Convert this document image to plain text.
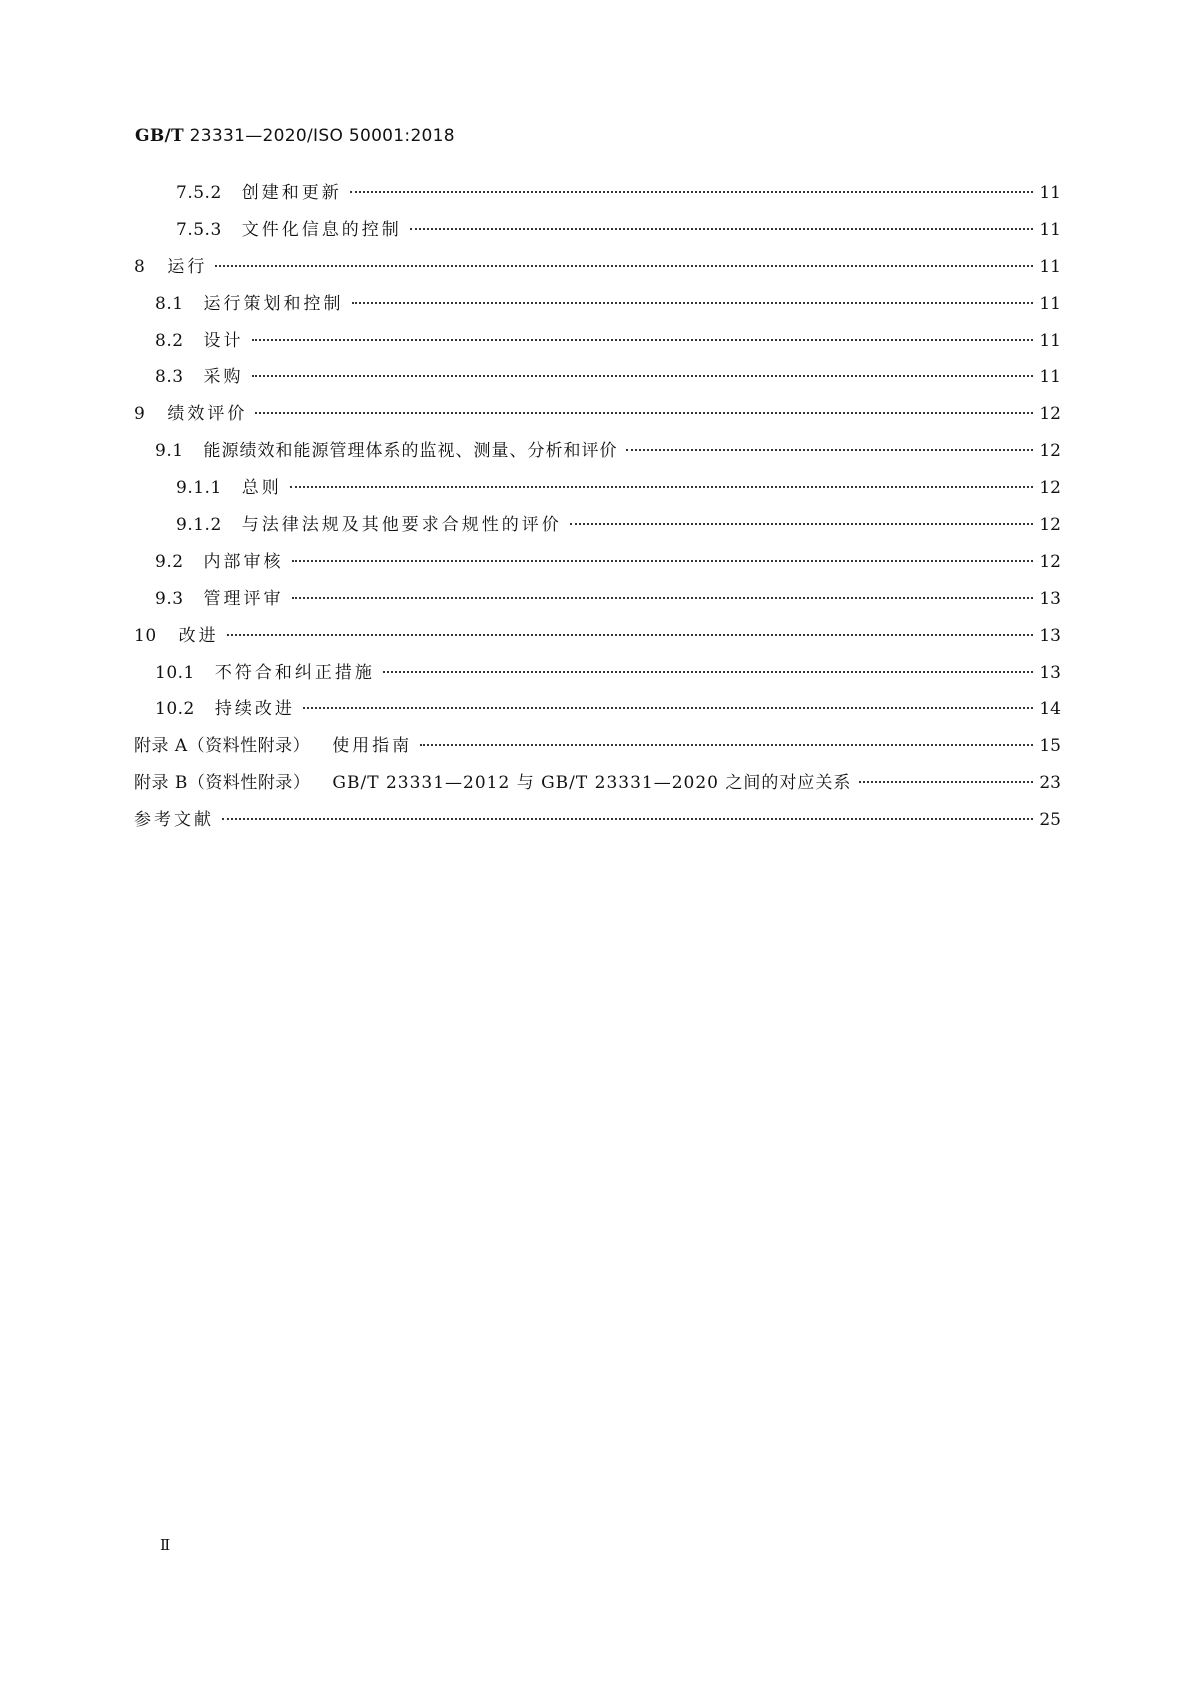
GB/T 23331—2020/ISO 50001:2018
7.5.2 创建和更新	11
7.5.3 文件化信息的控制	11
8 运行	11
8.1 运行策划和控制	11
8.2 设计	11
8.3 采购	11
9 绩效评价	12
9.1 能源绩效和能源管理体系的监视、测量、分析和评价	12
9.1.1 总则	12
9.1.2 与法律法规及其他要求合规性的评价	12
9.2 内部审核	12
9.3 管理评审	13
10 改进	13
10.1 不符合和纠正措施	13
10.2 持续改进	14
附录 A（资料性附录） 使用指南	15
附录 B（资料性附录） GB/T 23331—2012 与 GB/T 23331—2020 之间的对应关系	23
参考文献	25
Ⅱ
